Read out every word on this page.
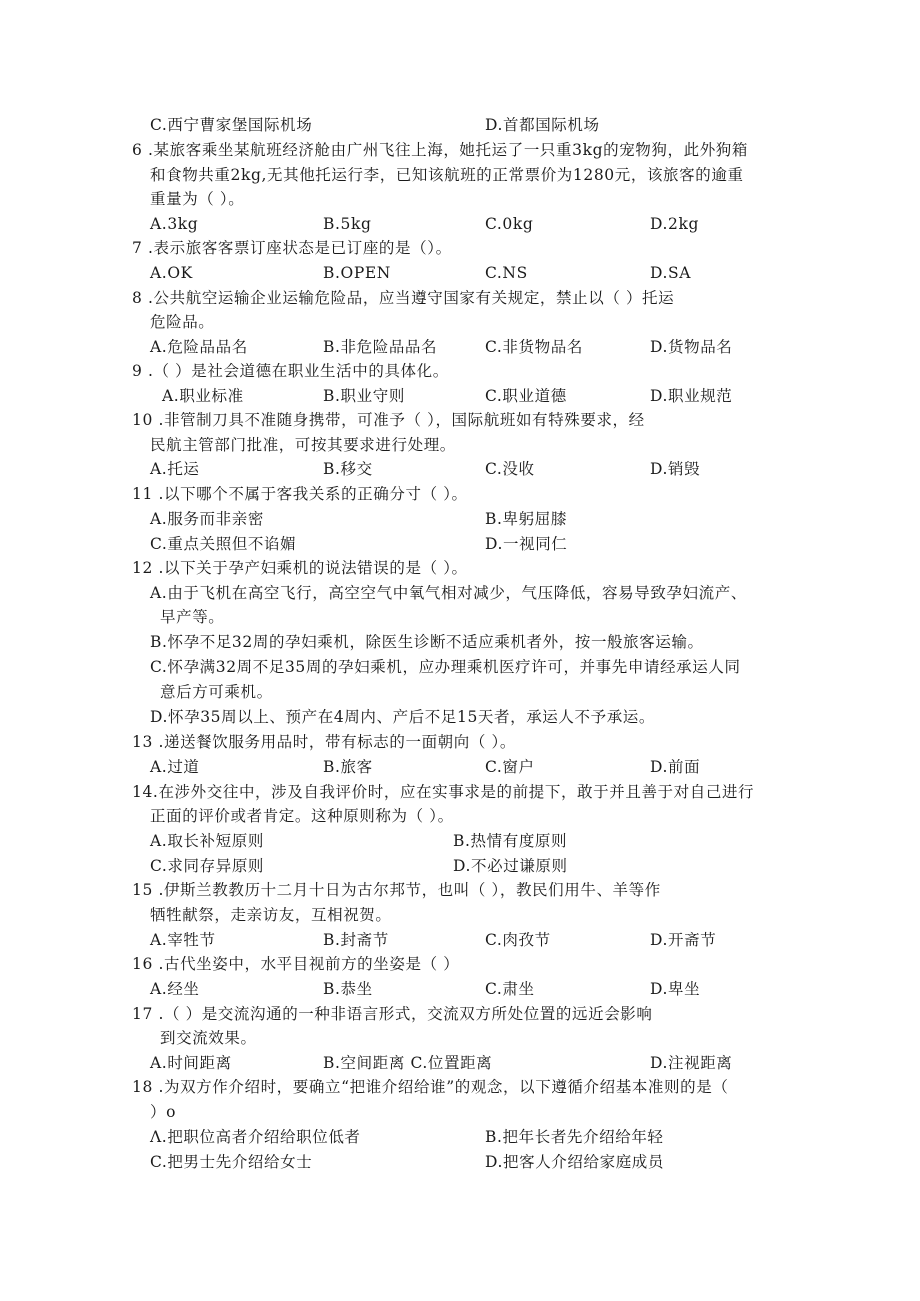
C.西宁曹家堡国际机场	D.首都国际机场
6 .某旅客乘坐某航班经济舱由广州飞往上海，她托运了一只重3kg的宠物狗，此外狗箱
和食物共重2kg,无其他托运行李，已知该航班的正常票价为1280元，该旅客的逾重
重量为（ ）。
A.3kg	B.5kg	C.0kg	D.2kg
7 .表示旅客客票订座状态是已订座的是（）。
A.OK	B.OPEN	C.NS	D.SA
8 .公共航空运输企业运输危险品，应当遵守国家有关规定，禁止以（ ）托运
危险品。
A.危险品品名	B.非危险品品名	C.非货物品名	D.货物品名
9 .（ ）是社会道德在职业生活中的具体化。
A.职业标准	B.职业守则	C.职业道德	D.职业规范
10 .非管制刀具不准随身携带，可准予（ ），国际航班如有特殊要求，经
民航主管部门批准，可按其要求进行处理。
A.托运	B.移交	C.没收	D.销毁
11 .以下哪个不属于客我关系的正确分寸（ ）。
A.服务而非亲密	B.卑躬屈膝
C.重点关照但不谄媚	D.一视同仁
12 .以下关于孕产妇乘机的说法错误的是（ ）。
A.由于飞机在高空飞行，高空空气中氧气相对减少，气压降低，容易导致孕妇流产、
早产等。
B.怀孕不足32周的孕妇乘机，除医生诊断不适应乘机者外，按一般旅客运输。
C.怀孕满32周不足35周的孕妇乘机，应办理乘机医疗许可，并事先申请经承运人同
意后方可乘机。
D.怀孕35周以上、预产在4周内、产后不足15天者，承运人不予承运。
13 .递送餐饮服务用品时，带有标志的一面朝向（ ）。
A.过道	B.旅客	C.窗户	D.前面
14.在涉外交往中，涉及自我评价时，应在实事求是的前提下，敢于并且善于对自己进行
正面的评价或者肯定。这种原则称为（ ）。
A.取长补短原则	B.热情有度原则
C.求同存异原则	D.不必过谦原则
15 .伊斯兰教教历十二月十日为古尔邦节，也叫（ ），教民们用牛、羊等作
牺牲献祭，走亲访友，互相祝贺。
A.宰牲节	B.封斋节	C.肉孜节	D.开斋节
16 .古代坐姿中，水平目视前方的坐姿是（ ）
A.经坐	B.恭坐	C.肃坐	D.卑坐
17 .（ ）是交流沟通的一种非语言形式，交流双方所处位置的远近会影响
到交流效果。
A.时间距离	B.空间距离 C.位置距离	D.注视距离
18 .为双方作介绍时，要确立“把谁介绍给谁”的观念，以下遵循介绍基本准则的是（
）o
Λ.把职位高者介绍给职位低者	B.把年长者先介绍给年轻
C.把男士先介绍给女士	D.把客人介绍给家庭成员
